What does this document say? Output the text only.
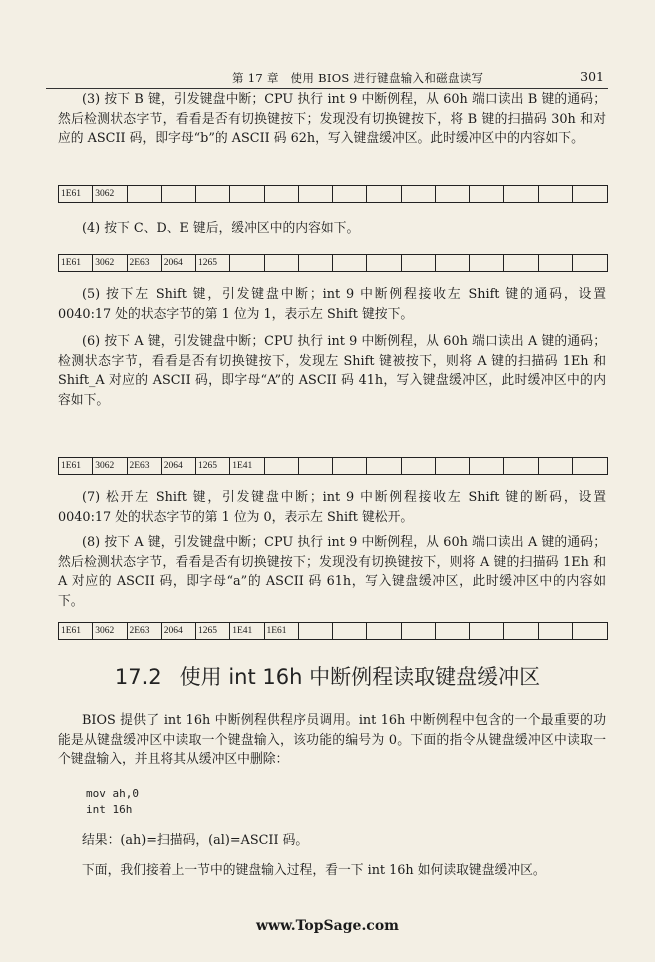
第 17 章　使用 BIOS 进行键盘输入和磁盘读写	301

(3) 按下 B 键，引发键盘中断；CPU 执行 int 9 中断例程，从 60h 端口读出 B 键的通码；然后检测状态字节，看看是否有切换键按下；发现没有切换键按下，将 B 键的扫描码 30h 和对应的 ASCII 码，即字母“b”的 ASCII 码 62h，写入键盘缓冲区。此时缓冲区中的内容如下。

1E61	3062

(4) 按下 C、D、E 键后，缓冲区中的内容如下。

1E61	3062	2E63	2064	1265

(5) 按下左 Shift 键，引发键盘中断；int 9 中断例程接收左 Shift 键的通码，设置 0040:17 处的状态字节的第 1 位为 1，表示左 Shift 键按下。

(6) 按下 A 键，引发键盘中断；CPU 执行 int 9 中断例程，从 60h 端口读出 A 键的通码；检测状态字节，看看是否有切换键按下，发现左 Shift 键被按下，则将 A 键的扫描码 1Eh 和 Shift_A 对应的 ASCII 码，即字母“A”的 ASCII 码 41h，写入键盘缓冲区，此时缓冲区中的内容如下。

1E61	3062	2E63	2064	1265	1E41

(7) 松开左 Shift 键，引发键盘中断；int 9 中断例程接收左 Shift 键的断码，设置 0040:17 处的状态字节的第 1 位为 0，表示左 Shift 键松开。

(8) 按下 A 键，引发键盘中断；CPU 执行 int 9 中断例程，从 60h 端口读出 A 键的通码；然后检测状态字节，看看是否有切换键按下；发现没有切换键按下，则将 A 键的扫描码 1Eh 和 A 对应的 ASCII 码，即字母“a”的 ASCII 码 61h，写入键盘缓冲区，此时缓冲区中的内容如下。

1E61	3062	2E63	2064	1265	1E41	1E61
17.2 使用 int 16h 中断例程读取键盘缓冲区

BIOS 提供了 int 16h 中断例程供程序员调用。int 16h 中断例程中包含的一个最重要的功能是从键盘缓冲区中读取一个键盘输入，该功能的编号为 0。下面的指令从键盘缓冲区中读取一个键盘输入，并且将其从缓冲区中删除：

mov ah,0
int 16h

结果：(ah)=扫描码，(al)=ASCII 码。

下面，我们接着上一节中的键盘输入过程，看一下 int 16h 如何读取键盘缓冲区。

www.TopSage.com
